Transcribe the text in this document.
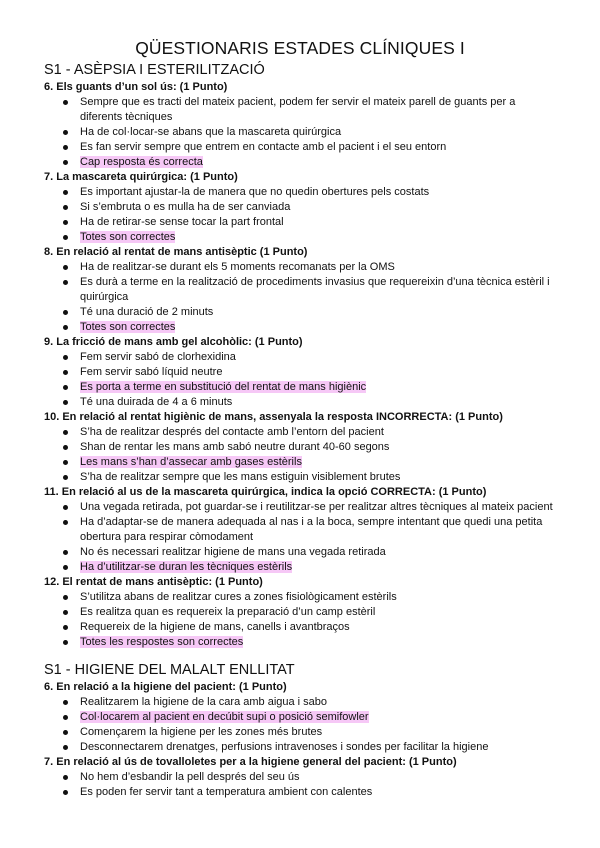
QÜESTIONARIS ESTADES CLÍNIQUES I
S1 - ASÈPSIA I ESTERILITZACIÓ

6. Els guants d’un sol ús: (1 Punto)

Sempre que es tracti del mateix pacient, podem fer servir el mateix parell de guants per a diferents tècniques
Ha de col·locar-se abans que la mascareta quirúrgica
Es fan servir sempre que entrem en contacte amb el pacient i el seu entorn
Cap resposta és correcta

7. La mascareta quirúrgica: (1 Punto)

Es important ajustar-la de manera que no quedin obertures pels costats
Si s’embruta o es mulla ha de ser canviada
Ha de retirar-se sense tocar la part frontal
Totes son correctes

8. En relació al rentat de mans antisèptic (1 Punto)

Ha de realitzar-se durant els 5 moments recomanats per la OMS
Es durà a terme en la realització de procediments invasius que requereixin d’una tècnica estèril i quirúrgica
Té una duració de 2 minuts
Totes son correctes

9. La fricció de mans amb gel alcohòlic: (1 Punto)

Fem servir sabó de clorhexidina
Fem servir sabó líquid neutre
Es porta a terme en substitució del rentat de mans higiènic
Té una duirada de 4 a 6 minuts

10. En relació al rentat higiènic de mans, assenyala la resposta INCORRECTA: (1 Punto)

S’ha de realitzar després del contacte amb l’entorn del pacient
Shan de rentar les mans amb sabó neutre durant 40-60 segons
Les mans s’han d’assecar amb gases estèrils
S’ha de realitzar sempre que les mans estiguin visiblement brutes

11. En relació al us de la mascareta quirúrgica, indica la opció CORRECTA: (1 Punto)

Una vegada retirada, pot guardar-se i reutilitzar-se per realitzar altres tècniques al mateix pacient
Ha d’adaptar-se de manera adequada al nas i a la boca, sempre intentant que quedi una petita obertura para respirar còmodament
No és necessari realitzar higiene de mans una vegada retirada
Ha d’utilitzar-se duran les tècniques estèrils

12. El rentat de mans antisèptic: (1 Punto)

S’utilitza abans de realitzar cures a zones fisiològicament estèrils
Es realitza quan es requereix la preparació d’un camp estèril
Requereix de la higiene de mans, canells i avantbraços
Totes les respostes son correctes
S1 - HIGIENE DEL MALALT ENLLITAT

6. En relació a la higiene del pacient: (1 Punto)

Realitzarem la higiene de la cara amb aigua i sabo
Col·locarem al pacient en decúbit supi o posició semifowler
Començarem la higiene per les zones més brutes
Desconnectarem drenatges, perfusions intravenoses i sondes per facilitar la higiene

7. En relació al ús de tovalloletes per a la higiene general del pacient: (1 Punto)

No hem d’esbandir la pell després del seu ús
Es poden fer servir tant a temperatura ambient con calentes
